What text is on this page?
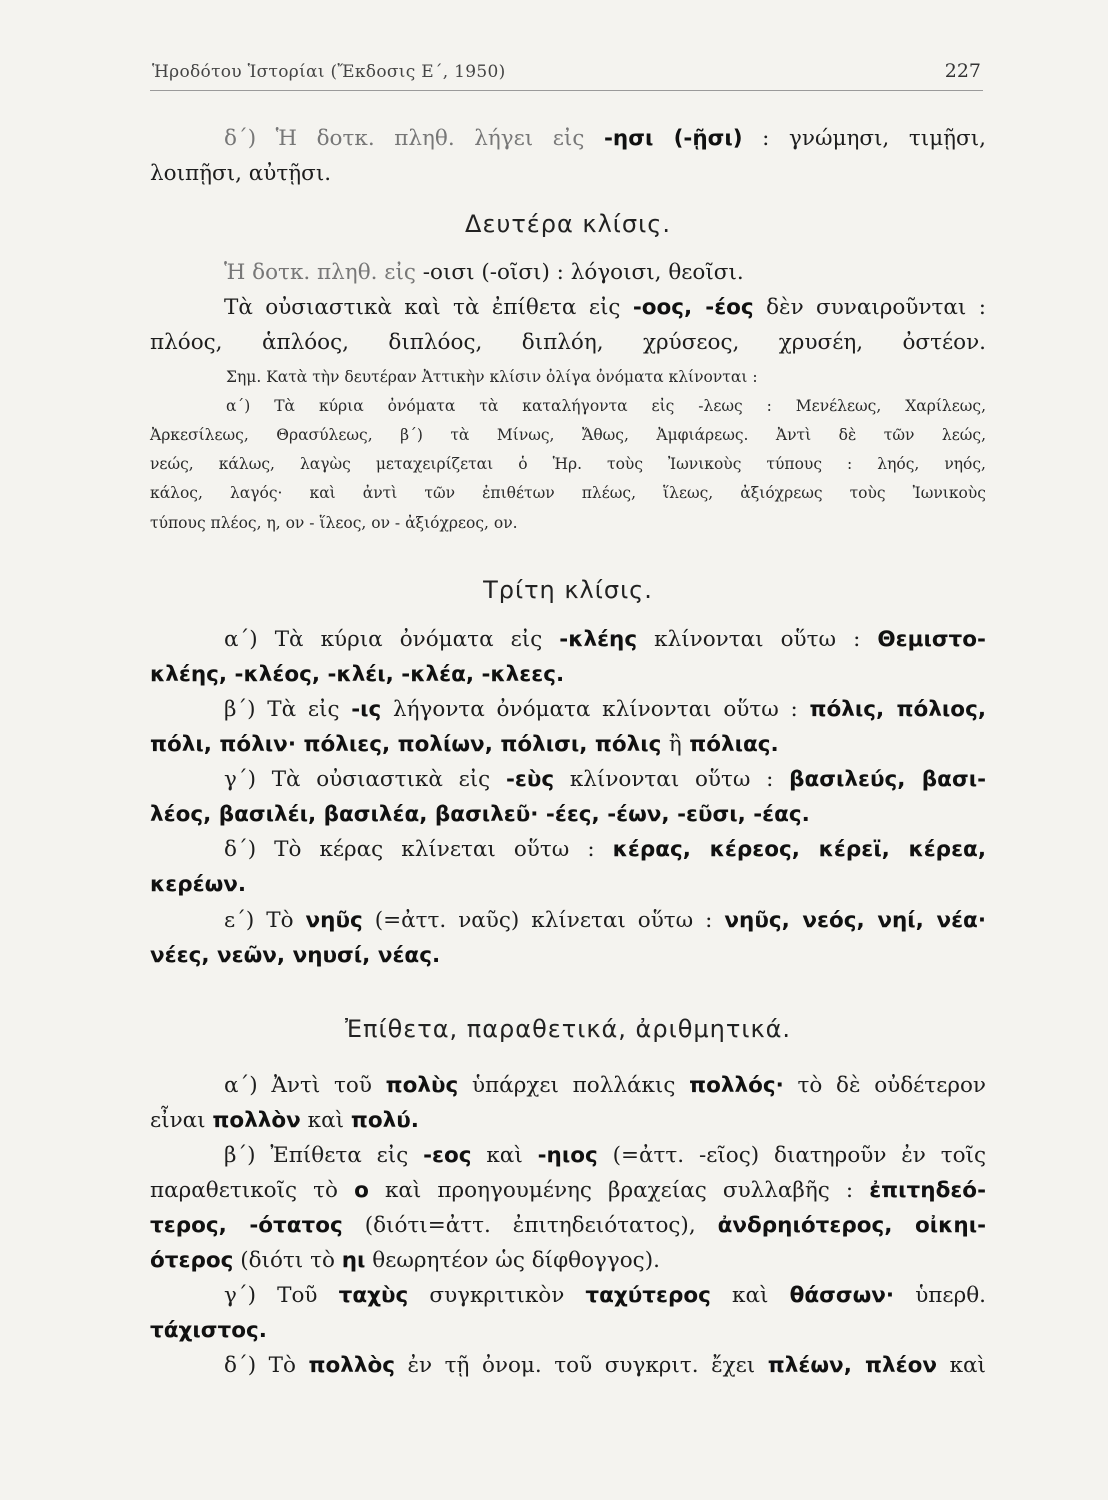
Ἡροδότου Ἱστορίαι (Ἔκδοσις Ε΄, 1950)	227
δ΄) Ἡ δοτκ. πληθ. λήγει εἰς -ησι (-ῇσι) : γνώμησι, τιμῇσι,
λοιπῇσι, αὐτῇσι.
Δευτέρα κλίσις.
Ἡ δοτκ. πληθ. εἰς -οισι (-οῖσι) : λόγοισι, θεοῖσι.
Τὰ οὐσιαστικὰ καὶ τὰ ἐπίθετα εἰς -οος, -έος δὲν συναιροῦνται :
πλόος, ἁπλόος, διπλόος, διπλόη, χρύσεος, χρυσέη, ὀστέον.
Σημ. Κατὰ τὴν δευτέραν Ἀττικὴν κλίσιν ὀλίγα ὀνόματα κλίνονται :
α΄) Τὰ κύρια ὀνόματα τὰ καταλήγοντα εἰς -λεως : Μενέλεως, Χαρίλεως,
Ἀρκεσίλεως, Θρασύλεως, β΄) τὰ Μίνως, Ἄθως, Ἀμφιάρεως. Ἀντὶ δὲ τῶν λεώς,
νεώς, κάλως, λαγὼς μεταχειρίζεται ὁ Ἡρ. τοὺς Ἰωνικοὺς τύπους : ληός, νηός,
κάλος, λαγός· καὶ ἀντὶ τῶν ἐπιθέτων πλέως, ἵλεως, ἀξιόχρεως τοὺς Ἰωνικοὺς
τύπους πλέος, η, ον - ἵλεος, ον - ἀξιόχρεος, ον.
Τρίτη κλίσις.
α΄) Τὰ κύρια ὀνόματα εἰς -κλέης κλίνονται οὕτω : Θεμιστο-
κλέης, -κλέος, -κλέι, -κλέα, -κλεες.
β΄) Τὰ εἰς -ις λήγοντα ὀνόματα κλίνονται οὕτω : πόλις, πόλιος,
πόλι, πόλιν· πόλιες, πολίων, πόλισι, πόλις ἢ πόλιας.
γ΄) Τὰ οὐσιαστικὰ εἰς -εὺς κλίνονται οὕτω : βασιλεύς, βασι-
λέος, βασιλέι, βασιλέα, βασιλεῦ· -έες, -έων, -εῦσι, -έας.
δ΄) Τὸ κέρας κλίνεται οὕτω : κέρας, κέρεος, κέρεϊ, κέρεα,
κερέων.
ε΄) Τὸ νηῦς (=ἀττ. ναῦς) κλίνεται οὕτω : νηῦς, νεός, νηί, νέα·
νέες, νεῶν, νηυσί, νέας.
Ἐπίθετα, παραθετικά, ἀριθμητικά.
α΄) Ἀντὶ τοῦ πολὺς ὑπάρχει πολλάκις πολλός· τὸ δὲ οὐδέτερον
εἶναι πολλὸν καὶ πολύ.
β΄) Ἐπίθετα εἰς -εος καὶ -ηιος (=ἀττ. -εῖος) διατηροῦν ἐν τοῖς
παραθετικοῖς τὸ ο καὶ προηγουμένης βραχείας συλλαβῆς : ἐπιτηδεό-
τερος, -ότατος (διότι=ἀττ. ἐπιτηδειότατος), ἀνδρηιότερος, οἰκηι-
ότερος (διότι τὸ ηι θεωρητέον ὡς δίφθογγος).
γ΄) Τοῦ ταχὺς συγκριτικὸν ταχύτερος καὶ θάσσων· ὑπερθ.
τάχιστος.
δ΄) Τὸ πολλὸς ἐν τῇ ὀνομ. τοῦ συγκριτ. ἔχει πλέων, πλέον καὶ
